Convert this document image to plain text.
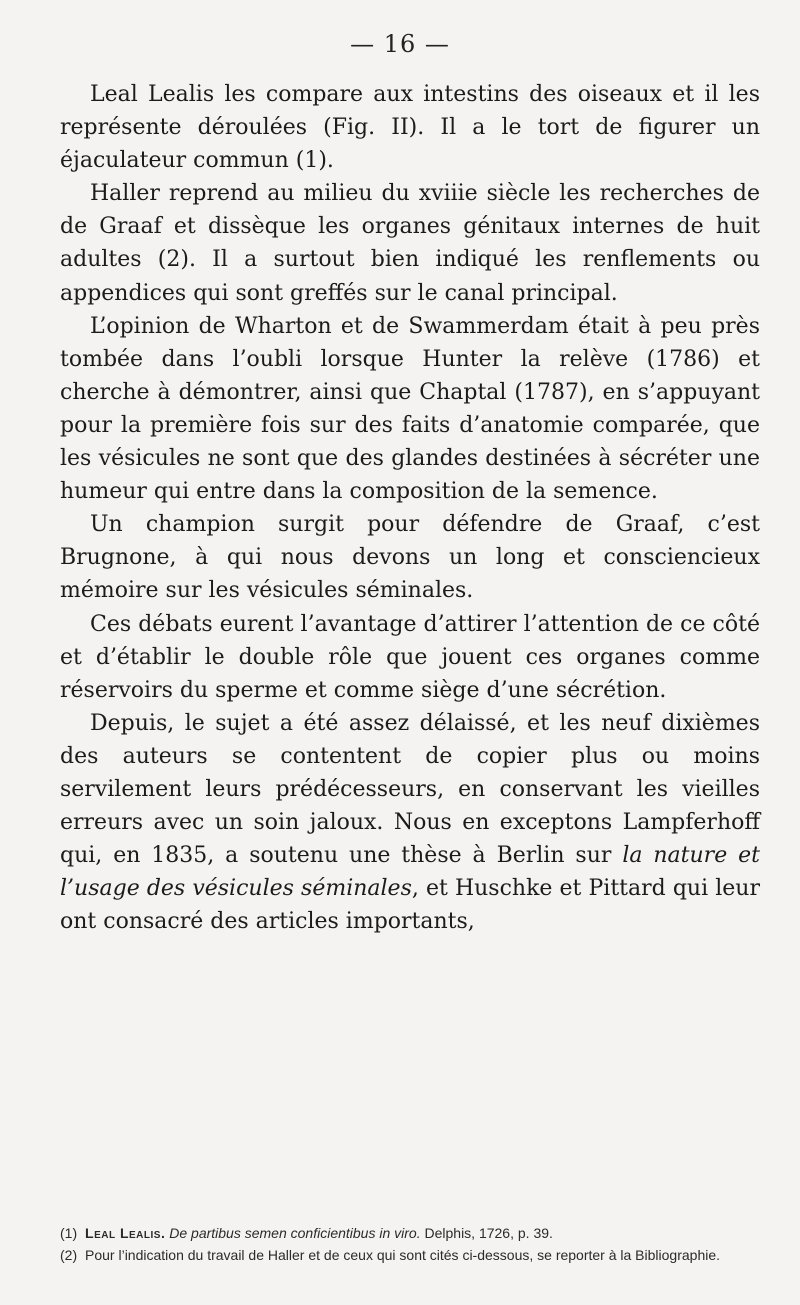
— 16 —

Leal Lealis les compare aux intestins des oiseaux et il les représente déroulées (Fig. II). Il a le tort de figurer un éjaculateur commun (1).

Haller reprend au milieu du xviiie siècle les recherches de de Graaf et dissèque les organes génitaux internes de huit adultes (2). Il a surtout bien indiqué les renflements ou appendices qui sont greffés sur le canal principal.

L’opinion de Wharton et de Swammerdam était à peu près tombée dans l’oubli lorsque Hunter la relève (1786) et cherche à démontrer, ainsi que Chaptal (1787), en s’appuyant pour la première fois sur des faits d’anatomie comparée, que les vésicules ne sont que des glandes destinées à sécréter une humeur qui entre dans la composition de la semence.

Un champion surgit pour défendre de Graaf, c’est Brugnone, à qui nous devons un long et consciencieux mémoire sur les vésicules séminales.

Ces débats eurent l’avantage d’attirer l’attention de ce côté et d’établir le double rôle que jouent ces organes comme réservoirs du sperme et comme siège d’une sécrétion.

Depuis, le sujet a été assez délaissé, et les neuf dixièmes des auteurs se contentent de copier plus ou moins servilement leurs prédécesseurs, en conservant les vieilles erreurs avec un soin jaloux. Nous en exceptons Lampferhoff qui, en 1835, a soutenu une thèse à Berlin sur la nature et l’usage des vésicules séminales, et Huschke et Pittard qui leur ont consacré des articles importants,

(1) Leal Lealis. De partibus semen conficientibus in viro. Delphis, 1726, p. 39.

(2) Pour l’indication du travail de Haller et de ceux qui sont cités ci-dessous, se reporter à la Bibliographie.
